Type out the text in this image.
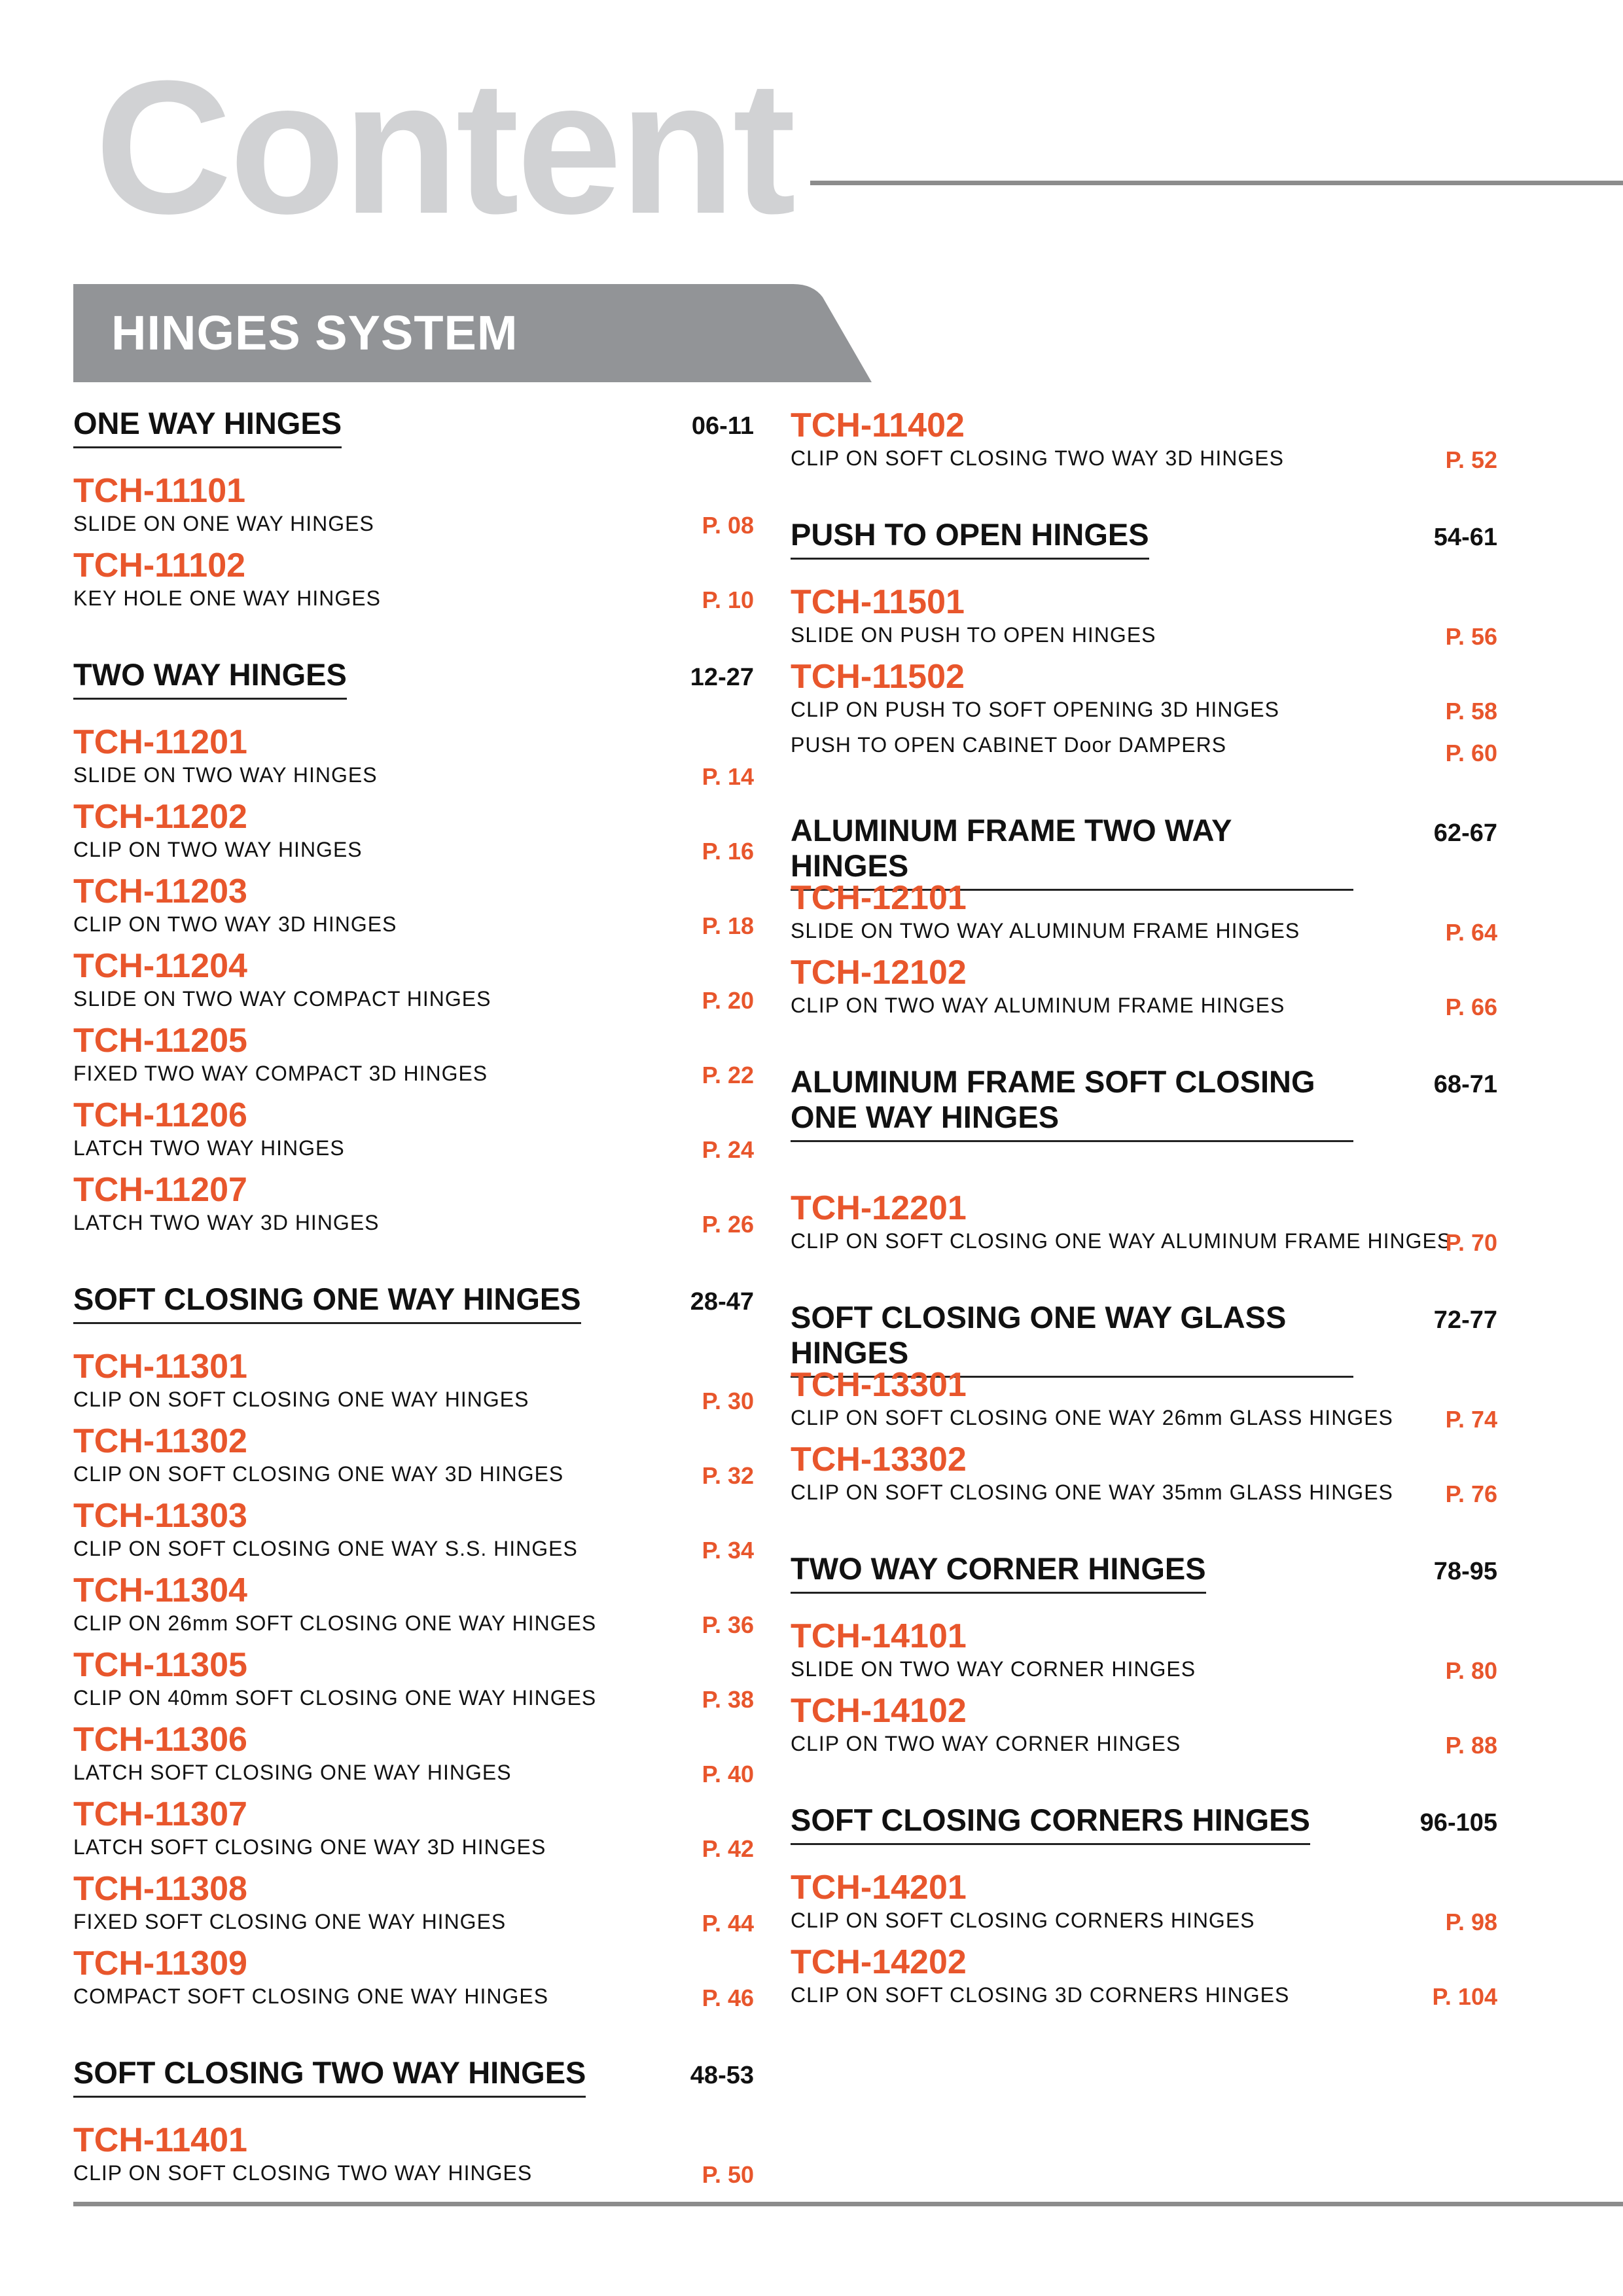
Content
HINGES SYSTEM
ONE WAY HINGES	06-11
TCH-11101
SLIDE ON ONE WAY HINGES	P. 08
TCH-11102
KEY HOLE ONE WAY HINGES	P. 10
TWO WAY HINGES	12-27
TCH-11201
SLIDE ON TWO WAY HINGES	P. 14
TCH-11202
CLIP ON TWO WAY HINGES	P. 16
TCH-11203
CLIP ON TWO WAY 3D HINGES	P. 18
TCH-11204
SLIDE ON TWO WAY COMPACT HINGES	P. 20
TCH-11205
FIXED TWO WAY COMPACT 3D HINGES	P. 22
TCH-11206
LATCH TWO WAY HINGES	P. 24
TCH-11207
LATCH TWO WAY 3D HINGES	P. 26
SOFT CLOSING ONE WAY HINGES	28-47
TCH-11301
CLIP ON SOFT CLOSING ONE WAY HINGES	P. 30
TCH-11302
CLIP ON SOFT CLOSING ONE WAY 3D HINGES	P. 32
TCH-11303
CLIP ON SOFT CLOSING ONE WAY S.S. HINGES	P. 34
TCH-11304
CLIP ON 26mm SOFT CLOSING ONE WAY HINGES	P. 36
TCH-11305
CLIP ON 40mm SOFT CLOSING ONE WAY HINGES	P. 38
TCH-11306
LATCH SOFT CLOSING ONE WAY HINGES	P. 40
TCH-11307
LATCH SOFT CLOSING ONE WAY 3D HINGES	P. 42
TCH-11308
FIXED SOFT CLOSING ONE WAY HINGES	P. 44
TCH-11309
COMPACT SOFT CLOSING ONE WAY HINGES	P. 46
SOFT CLOSING TWO WAY HINGES	48-53
TCH-11401
CLIP ON SOFT CLOSING TWO WAY HINGES	P. 50
TCH-11402
CLIP ON SOFT CLOSING TWO WAY 3D HINGES	P. 52
PUSH TO OPEN HINGES	54-61
TCH-11501
SLIDE ON PUSH TO OPEN HINGES	P. 56
TCH-11502
CLIP ON PUSH TO SOFT OPENING 3D HINGES	P. 58
PUSH TO OPEN CABINET Door DAMPERS	P. 60
ALUMINUM FRAME TWO WAY HINGES
62-67
TCH-12101
SLIDE ON TWO WAY ALUMINUM FRAME HINGES	P. 64
TCH-12102
CLIP ON TWO WAY ALUMINUM FRAME HINGES	P. 66
ALUMINUM FRAME SOFT CLOSING ONE WAY HINGES
68-71
TCH-12201
CLIP ON SOFT CLOSING ONE WAY ALUMINUM FRAME HINGES
P. 70
SOFT CLOSING ONE WAY GLASS HINGES
72-77
TCH-13301
CLIP ON SOFT CLOSING ONE WAY 26mm GLASS HINGES	P. 74
TCH-13302
CLIP ON SOFT CLOSING ONE WAY 35mm GLASS HINGES	P. 76
TWO WAY CORNER HINGES	78-95
TCH-14101
SLIDE ON TWO WAY CORNER HINGES	P. 80
TCH-14102
CLIP ON TWO WAY CORNER HINGES	P. 88
SOFT CLOSING CORNERS HINGES	96-105
TCH-14201
CLIP ON SOFT CLOSING CORNERS HINGES	P. 98
TCH-14202
CLIP ON SOFT CLOSING 3D CORNERS HINGES	P. 104
